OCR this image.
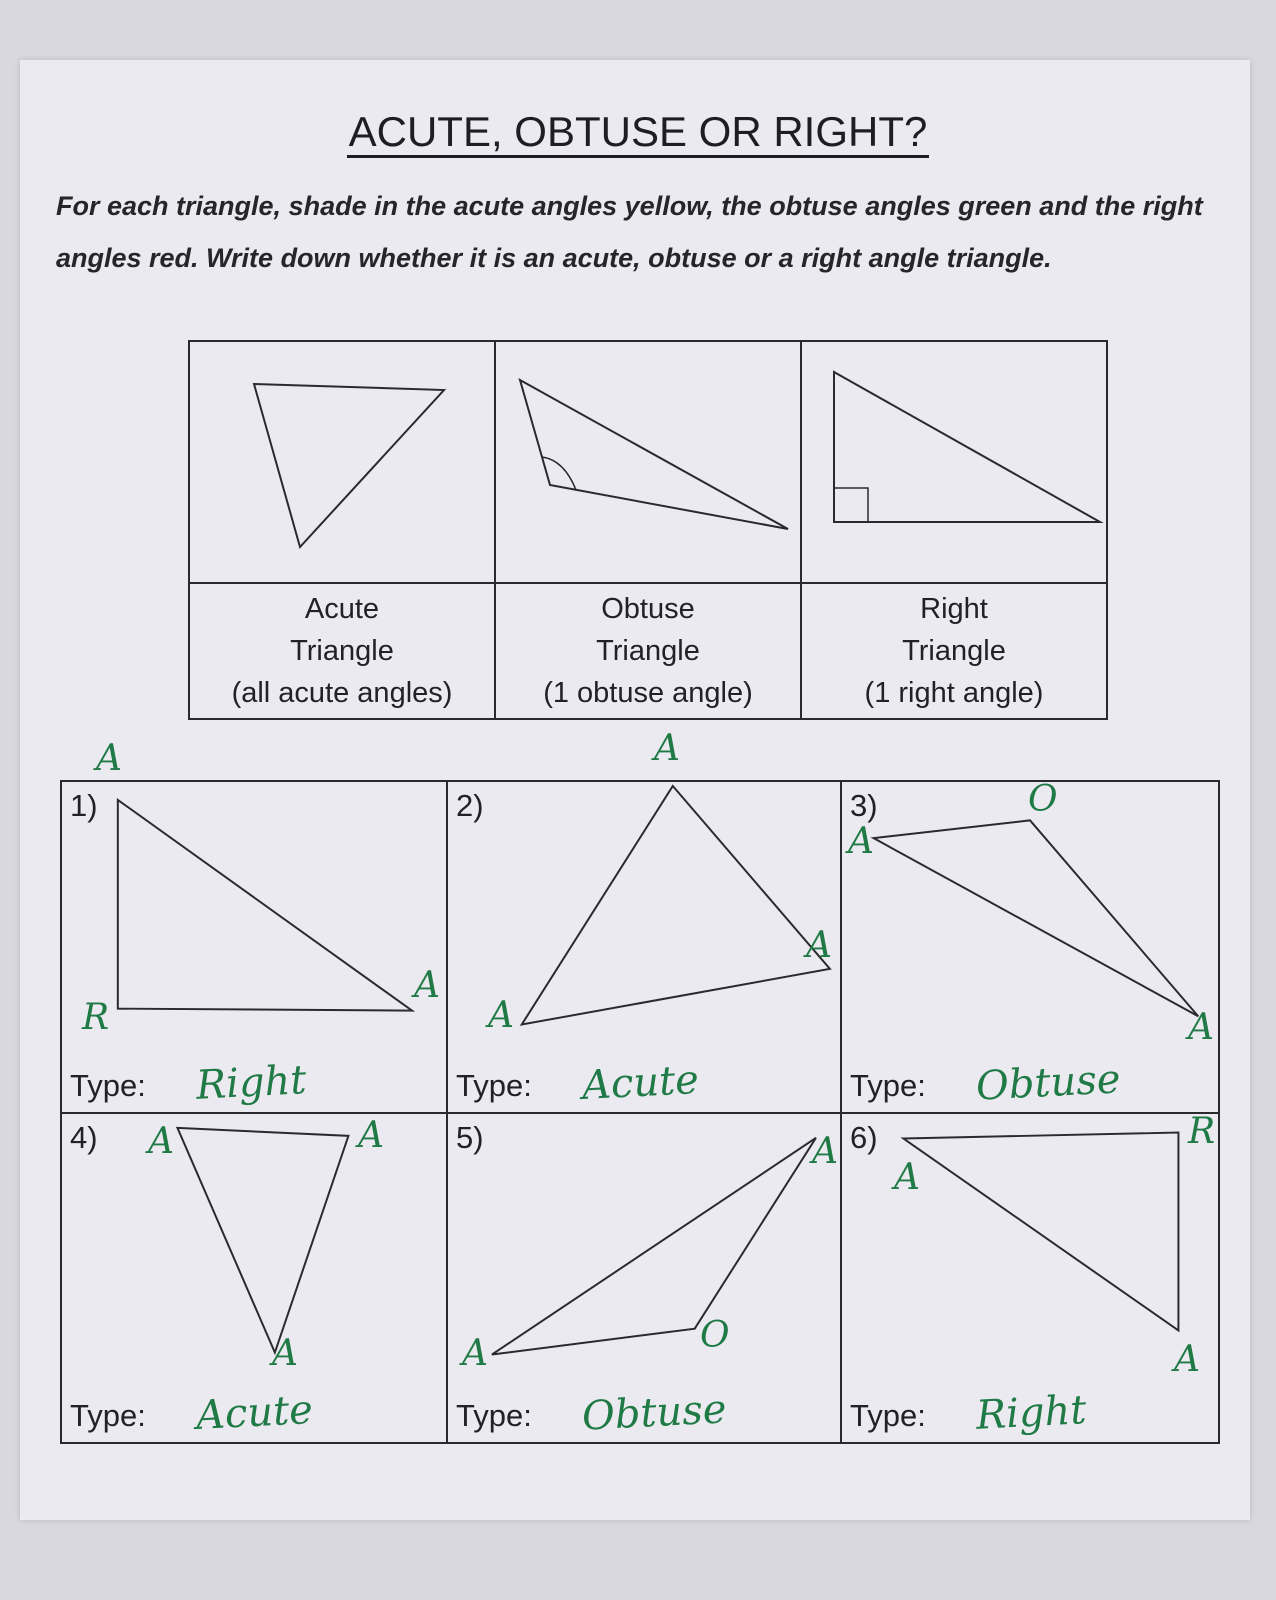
ACUTE, OBTUSE OR RIGHT?
For each triangle, shade in the acute angles yellow, the obtuse angles green and the right angles red. Write down whether it is an acute, obtuse or a right angle triangle.
Acute
Triangle
(all acute angles)
Obtuse
Triangle
(1 obtuse angle)
Right
Triangle
(1 right angle)
1)
R
A
Type: Right
2)
A
A
Type: Acute
3)	O
A
A
Type: Obtuse
4) A	A
A
Type: Acute
5)
A	O
A
Type: Obtuse
6)	R
A
A
Type: Right
A	A
